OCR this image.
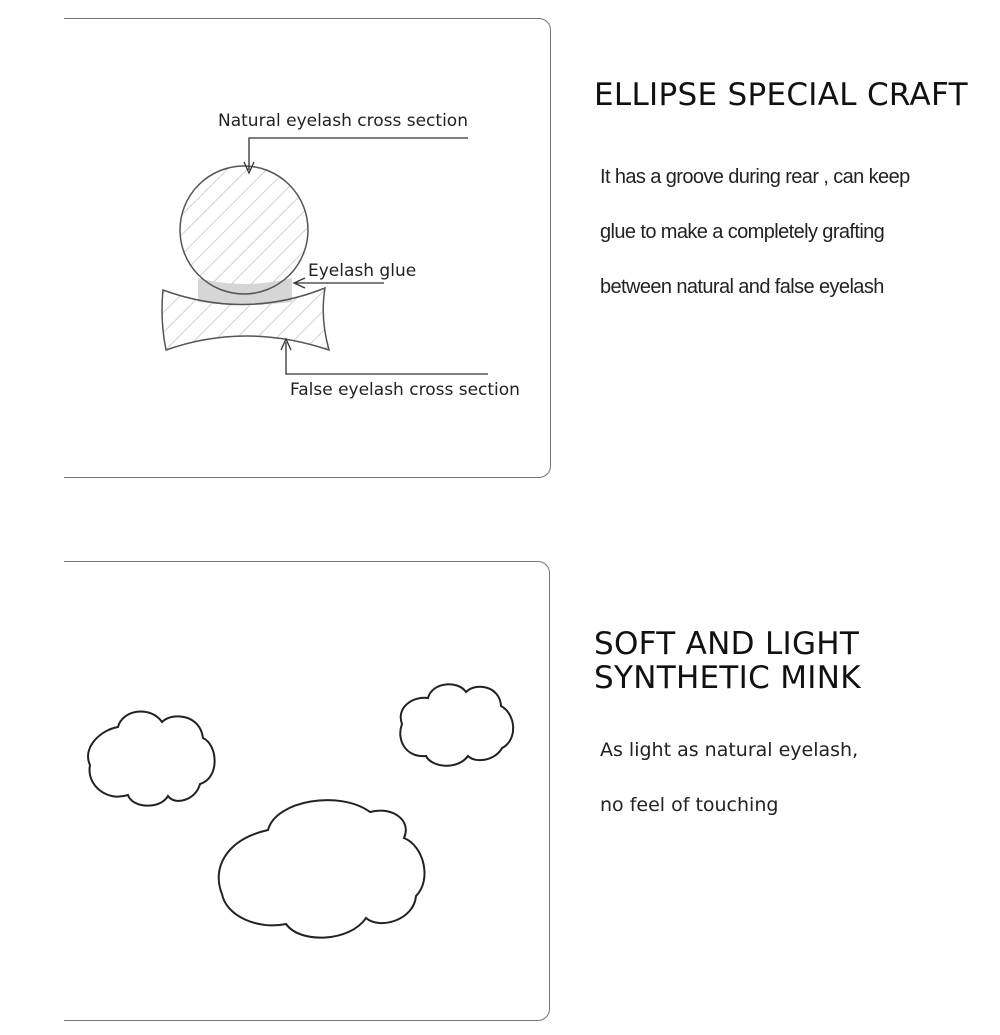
Natural eyelash cross section
Eyelash glue
False eyelash cross section
ELLIPSE SPECIAL CRAFT

It has a groove during rear , can keep

glue to make a completely grafting

between natural and false eyelash

SOFT AND LIGHT
SYNTHETIC MINK

As light as natural eyelash,

no feel of touching
